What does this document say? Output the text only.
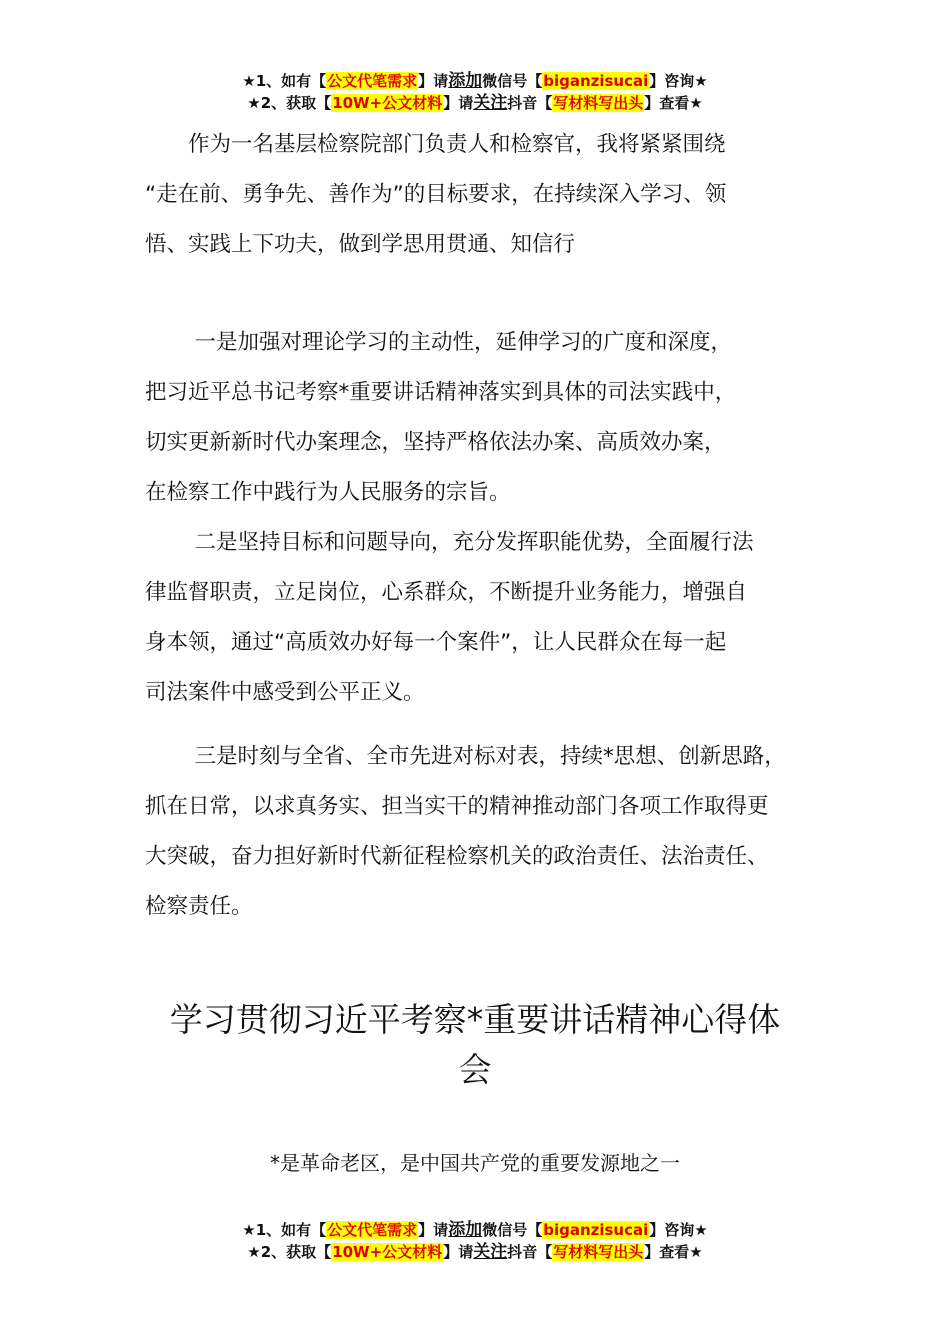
★1、如有【公文代笔需求】请添加微信号【biganzisucai】咨询★
★2、获取【10W+公文材料】请关注抖音【写材料写出头】查看★
作为一名基层检察院部门负责人和检察官，我将紧紧围绕
“走在前、勇争先、善作为”的目标要求，在持续深入学习、领
悟、实践上下功夫，做到学思用贯通、知信行
一是加强对理论学习的主动性，延伸学习的广度和深度，
把习近平总书记考察*重要讲话精神落实到具体的司法实践中，
切实更新新时代办案理念，坚持严格依法办案、高质效办案，
在检察工作中践行为人民服务的宗旨。
二是坚持目标和问题导向，充分发挥职能优势，全面履行法
律监督职责，立足岗位，心系群众，不断提升业务能力，增强自
身本领，通过“高质效办好每一个案件”，让人民群众在每一起
司法案件中感受到公平正义。
三是时刻与全省、全市先进对标对表，持续*思想、创新思路，
抓在日常，以求真务实、担当实干的精神推动部门各项工作取得更
大突破，奋力担好新时代新征程检察机关的政治责任、法治责任、
检察责任。
学习贯彻习近平考察*重要讲话精神心得体
会
*是革命老区，是中国共产党的重要发源地之一
★1、如有【公文代笔需求】请添加微信号【biganzisucai】咨询★
★2、获取【10W+公文材料】请关注抖音【写材料写出头】查看★
